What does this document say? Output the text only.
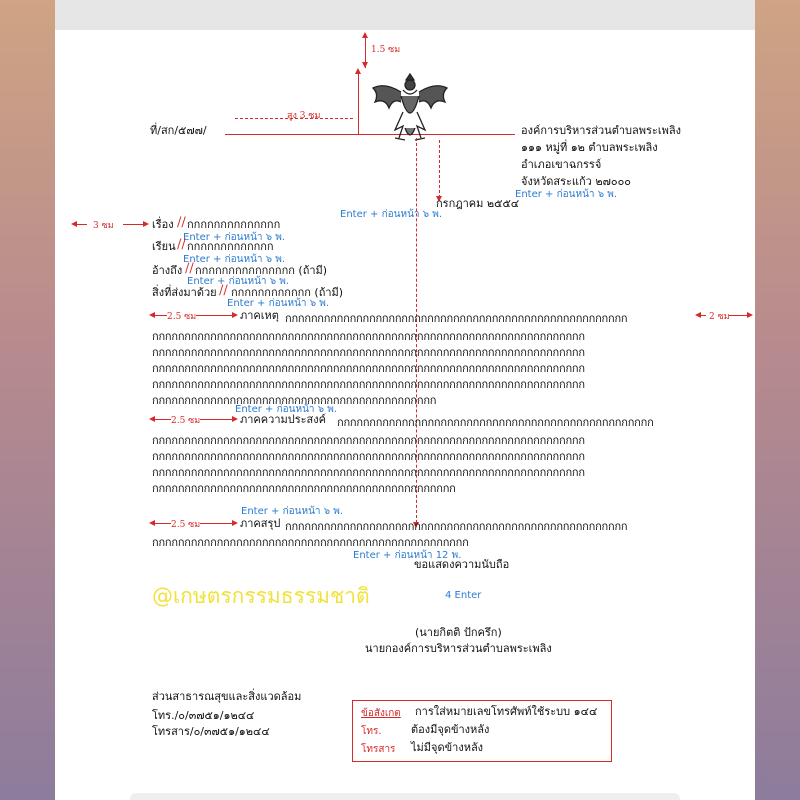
1.5 ซม
สูง 3 ซม
ที่/สก/๕๗๗/	องค์การบริหารส่วนตำบลพระเพลิง
๑๑๑ หมู่ที่ ๑๒ ตำบลพระเพลิง
อำเภอเขาฉกรรจ์
จังหวัดสระแก้ว ๒๗๐๐๐
Enter + ก่อนหน้า ๖ พ.
กรกฎาคม ๒๕๕๔
Enter + ก่อนหน้า ๖ พ.
3 ซม	เรื่อง // กกกกกกกกกกกกกก
Enter + ก่อนหน้า ๖ พ.
เรียน // กกกกกกกกกกกกก
Enter + ก่อนหน้า ๖ พ.
อ้างถึง // กกกกกกกกกกกกกกก (ถ้ามี)
Enter + ก่อนหน้า ๖ พ.
สิ่งที่ส่งมาด้วย // กกกกกกกกกกกก (ถ้ามี)
Enter + ก่อนหน้า ๖ พ.
2.5 ซม	ภาคเหตุ กกกกกกกกกกกกกกกกกกกกกกกกกกกกกกกกกกกกกกกกกกกกกกกกกกกกก	2 ซม
กกกกกกกกกกกกกกกกกกกกกกกกกกกกกกกกกกกกกกกกกกกกกกกกกกกกกกกกกกกกกกกกกกก
กกกกกกกกกกกกกกกกกกกกกกกกกกกกกกกกกกกกกกกกกกกกกกกกกกกกกกกกกกกกกกกกกกก
กกกกกกกกกกกกกกกกกกกกกกกกกกกกกกกกกกกกกกกกกกกกกกกกกกกกกกกกกกกกกกกกกกก
กกกกกกกกกกกกกกกกกกกกกกกกกกกกกกกกกกกกกกกกกกกกกกกกกกกกกกกกกกกกกกกกกกก
กกกกกกกกกกกกกกกกกกกกกกกกกกกกกกกกกกกกกกกกกกกก
Enter + ก่อนหน้า ๖ พ.
2.5 ซม	ภาคความประสงค์ กกกกกกกกกกกกกกกกกกกกกกกกกกกกกกกกกกกกกกกกกกกกกกกกก
กกกกกกกกกกกกกกกกกกกกกกกกกกกกกกกกกกกกกกกกกกกกกกกกกกกกกกกกกกกกกกกกกกก
กกกกกกกกกกกกกกกกกกกกกกกกกกกกกกกกกกกกกกกกกกกกกกกกกกกกกกกกกกกกกกกกกกก
กกกกกกกกกกกกกกกกกกกกกกกกกกกกกกกกกกกกกกกกกกกกกกกกกกกกกกกกกกกกกกกกกกก
กกกกกกกกกกกกกกกกกกกกกกกกกกกกกกกกกกกกกกกกกกกกกกก
Enter + ก่อนหน้า ๖ พ.
2.5 ซม	ภาคสรุป กกกกกกกกกกกกกกกกกกกกกกกกกกกกกกกกกกกกกกกกกกกกกกกกกกกกก
กกกกกกกกกกกกกกกกกกกกกกกกกกกกกกกกกกกกกกกกกกกกกกกกก
Enter + ก่อนหน้า 12 พ.
ขอแสดงความนับถือ
@เกษตรกรรมธรรมชาติ	4 Enter
(นายกิตติ ปักครึก)
นายกองค์การบริหารส่วนตำบลพระเพลิง
ส่วนสาธารณสุขและสิ่งแวดล้อม
โทร./๐/๓๗๕๑/๑๒๔๔
โทรสาร/๐/๓๗๕๑/๑๒๔๔
ข้อสังเกต การใส่หมายเลขโทรศัพท์ใช้ระบบ ๑๔๔
โทร.	ต้องมีจุดข้างหลัง
โทรสาร ไม่มีจุดข้างหลัง
